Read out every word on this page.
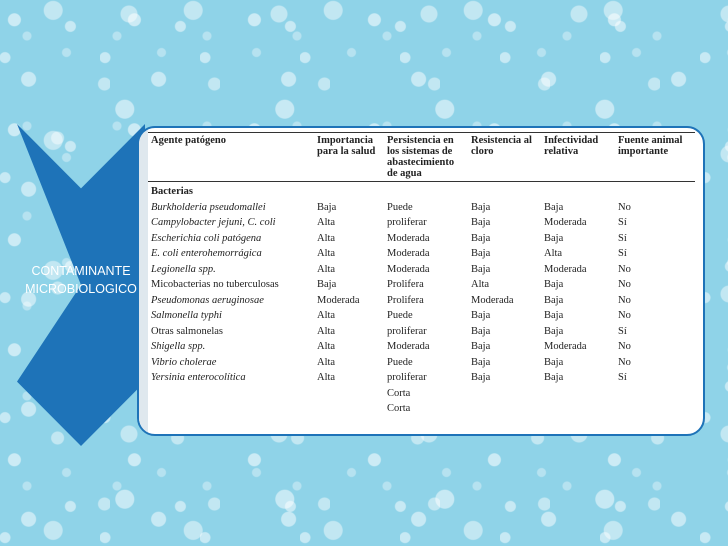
CONTAMINANTE
MICROBIOLOGICO
Agente patógeno	Importancia para la salud	Persistencia en los sistemas de abastecimiento de agua	Resistencia al cloro	Infectividad relativa	Fuente animal importante
Bacterias					
Burkholderia pseudomallei	Baja	Puede	Baja	Baja	No
Campylobacter jejuni, C. coli	Alta	proliferar	Baja	Moderada	Sí
Escherichia coli patógena	Alta	Moderada	Baja	Baja	Sí
E. coli enterohemorrágica	Alta	Moderada	Baja	Alta	Sí
Legionella spp.	Alta	Moderada	Baja	Moderada	No
Micobacterias no tuberculosas	Baja	Prolifera	Alta	Baja	No
Pseudomonas aeruginosae	Moderada	Prolifera	Moderada	Baja	No
Salmonella typhi	Alta	Puede	Baja	Baja	No
Otras salmonelas	Alta	proliferar	Baja	Baja	Sí
Shigella spp.	Alta	Moderada	Baja	Moderada	No
Vibrio cholerae	Alta	Puede	Baja	Baja	No
Yersinia enterocolítica	Alta	proliferar	Baja	Baja	Sí
		Corta			
		Corta			
